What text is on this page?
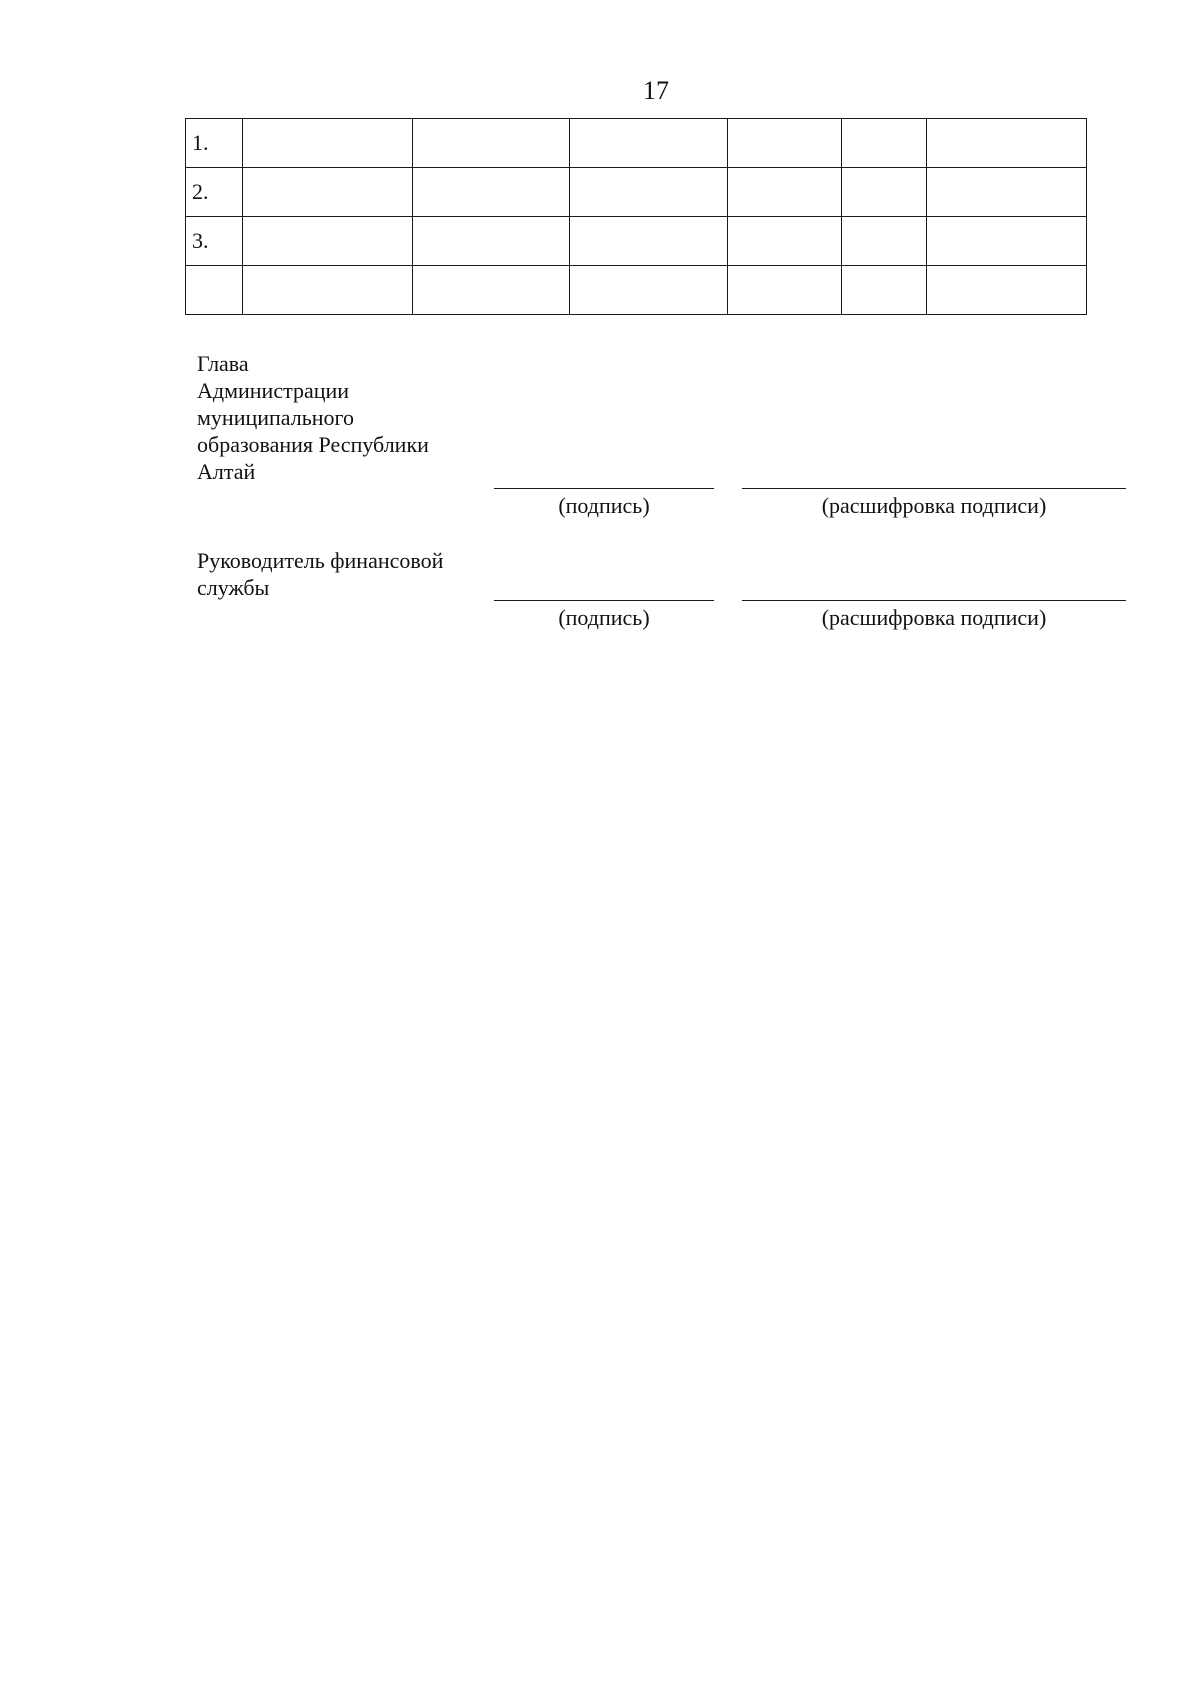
17
1.						
2.						
3.						

Глава
Администрации
муниципального
образования Республики
Алтай
(подпись)	(расшифровка подписи)
Руководитель финансовой
службы
(подпись)	(расшифровка подписи)
